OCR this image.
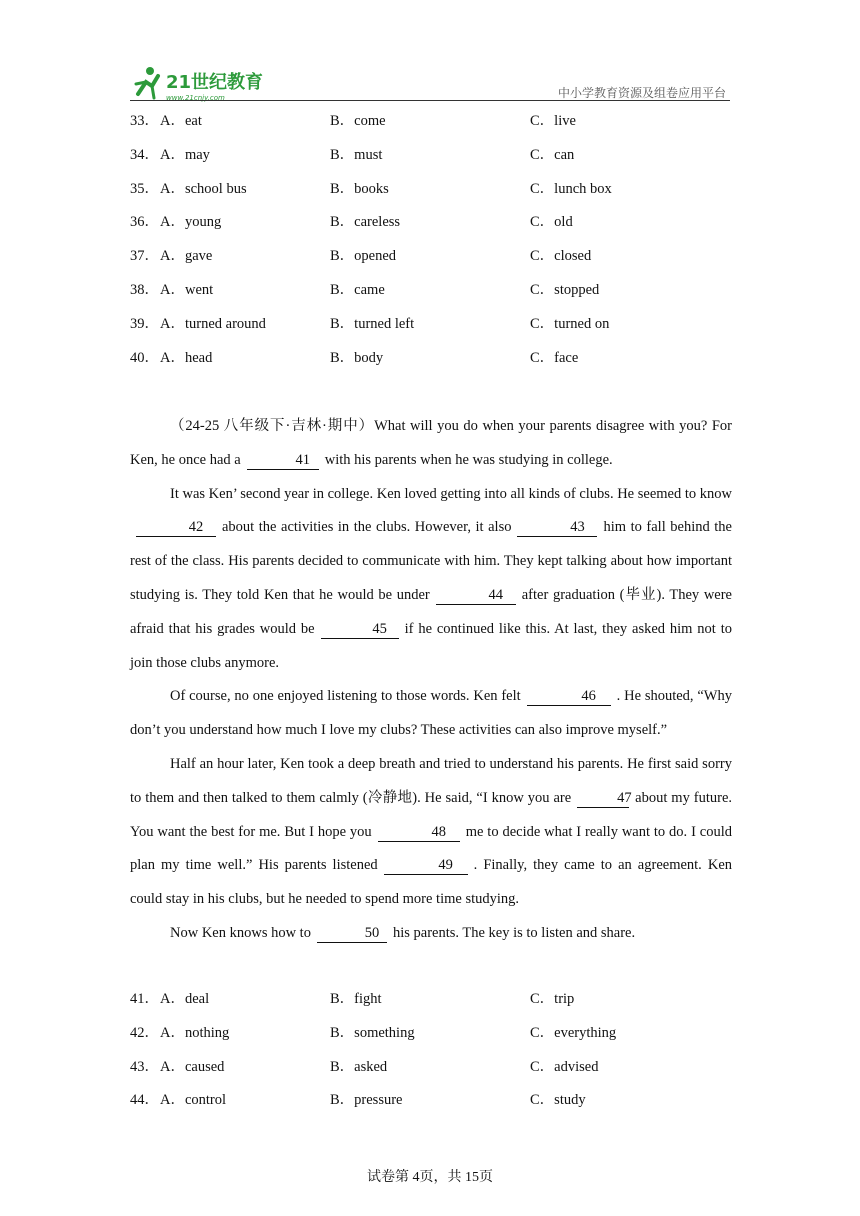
21世纪教育
www.21cnjy.com	中小学教育资源及组卷应用平台
33． A．eat	B．come	C．live
34． A．may	B．must	C．can
35． A．school bus	B．books	C．lunch box
36． A．young	B．careless	C．old
37． A．gave	B．opened	C．closed
38． A．went	B．came	C．stopped
39． A．turned around	B．turned left	C．turned on
40． A．head	B．body	C．face

（24-25 八年级下·吉林·期中）What will you do when your parents disagree with you? For Ken, he once had a	41 with his parents when he was studying in college.

It was Ken’ second year in college. Ken loved getting into all kinds of clubs. He seemed to know42 about the activities in the clubs. However, it also	43 him to fall behind the rest of the class. His parents decided to communicate with him. They kept talking about how important studying is. They told Ken that he would be under	44 after graduation (毕业). They were afraid that his grades would be	45 if he continued like this. At last, they asked him not to join those clubs anymore.

Of course, no one enjoyed listening to those words. Ken felt	46 . He shouted, “Why don’t you understand how much I love my clubs? These activities can also improve myself.”

Half an hour later, Ken took a deep breath and tried to understand his parents. He first said sorry to them and then talked to them calmly (冷静地). He said, “I know you are	47 about my future. You want the best for me. But I hope you	48 me to decide what I really want to do. I could plan my time well.” His parents listened	49 . Finally, they came to an agreement. Ken could stay in his clubs, but he needed to spend more time studying.

Now Ken knows how to	50 his parents. The key is to listen and share.

41． A．deal	B．fight	C．trip
42． A．nothing	B．something	C．everything
43． A．caused	B．asked	C．advised
44． A．control	B．pressure	C．study
试卷第 4页，共 15页
